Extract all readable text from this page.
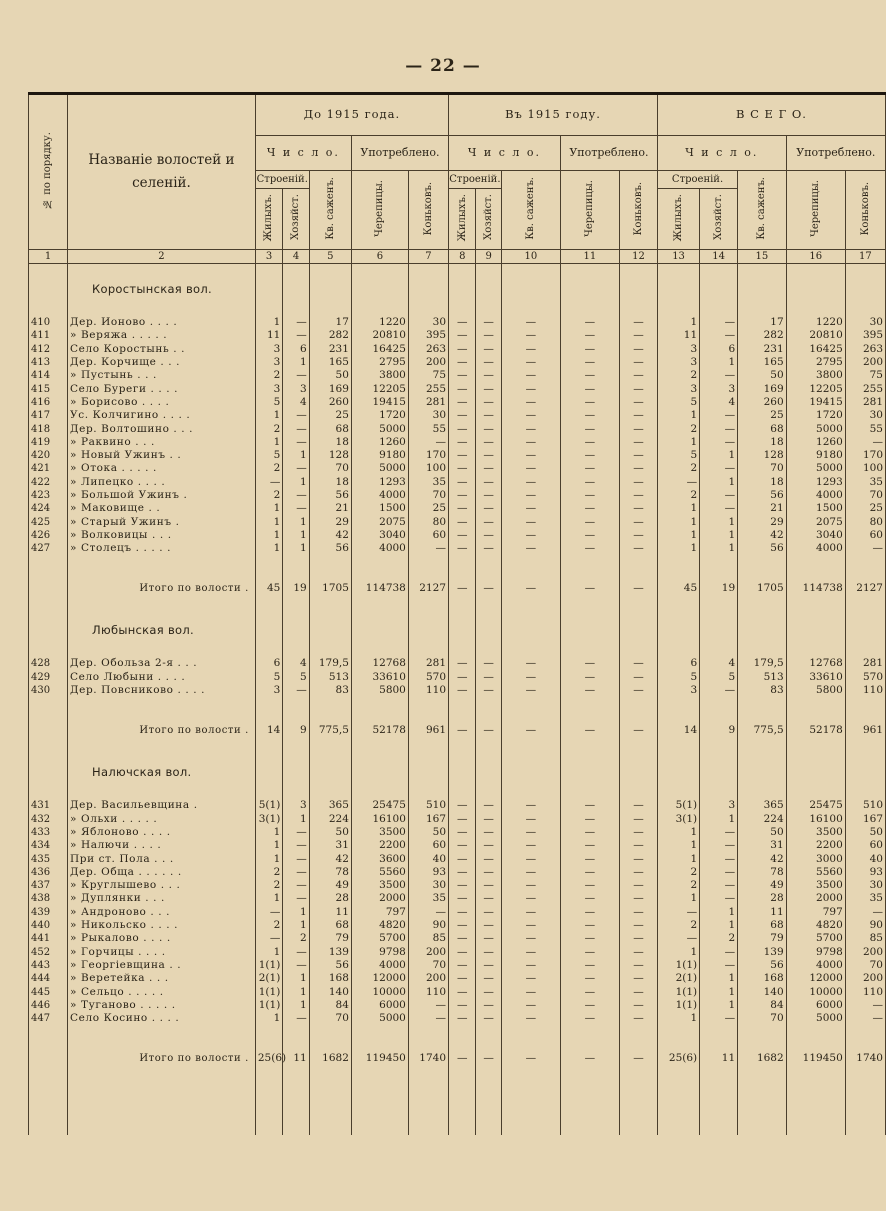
— 22 —
№ по порядку.	Названіе волостей и селеній.	До 1915 года.					Въ 1915 году.					В С Е Г О.				
		Ч и с л о.			Употреблено.		Ч и с л о.			Употреблено.		Ч и с л о.			Употреблено.	
		Строеній.		Кв. саженъ.	Черепицы.	Коньковъ.	Строеній.		Кв. саженъ.	Черепицы.	Коньковъ.	Строеній.		Кв. саженъ.	Черепицы.	Коньковъ.
		Жилыхъ.	Хозяйст.				Жилыхъ.	Хозяйст.				Жилыхъ.	Хозяйст.			
1	2	3	4	5	6	7	8	9	10	11	12	13	14	15	16	17
	Коростынская вол.															
410	Дер. Ионово . . . .	1	—	17	1220	30	—	—	—	—	—	1	—	17	1220	30
411	» Веряжа . . . . .	11	—	282	20810	395	—	—	—	—	—	11	—	282	20810	395
412	Село Коростынь . .	3	6	231	16425	263	—	—	—	—	—	3	6	231	16425	263
413	Дер. Корчище . . .	3	1	165	2795	200	—	—	—	—	—	3	1	165	2795	200
414	» Пустынь . . .	2	—	50	3800	75	—	—	—	—	—	2	—	50	3800	75
415	Село Буреги . . . .	3	3	169	12205	255	—	—	—	—	—	3	3	169	12205	255
416	» Борисово . . . .	5	4	260	19415	281	—	—	—	—	—	5	4	260	19415	281
417	Ус. Колчигино . . . .	1	—	25	1720	30	—	—	—	—	—	1	—	25	1720	30
418	Дер. Волтошино . . .	2	—	68	5000	55	—	—	—	—	—	2	—	68	5000	55
419	» Раквино . . .	1	—	18	1260	—	—	—	—	—	—	1	—	18	1260	—
420	» Новый Ужинъ . .	5	1	128	9180	170	—	—	—	—	—	5	1	128	9180	170
421	» Отока . . . . .	2	—	70	5000	100	—	—	—	—	—	2	—	70	5000	100
422	» Липецко . . . .	—	1	18	1293	35	—	—	—	—	—	—	1	18	1293	35
423	» Большой Ужинъ .	2	—	56	4000	70	—	—	—	—	—	2	—	56	4000	70
424	» Маковище . .	1	—	21	1500	25	—	—	—	—	—	1	—	21	1500	25
425	» Старый Ужинъ .	1	1	29	2075	80	—	—	—	—	—	1	1	29	2075	80
426	» Волковицы . . .	1	1	42	3040	60	—	—	—	—	—	1	1	42	3040	60
427	» Столецъ . . . . .	1	1	56	4000	—	—	—	—	—	—	1	1	56	4000	—

	Итого по волости .	45	19	1705	114738	2127	—	—	—	—	—	45	19	1705	114738	2127
	Любынская вол.															
428	Дер. Обольза 2-я . . .	6	4	179,5	12768	281	—	—	—	—	—	6	4	179,5	12768	281
429	Село Любыни . . . .	5	5	513	33610	570	—	—	—	—	—	5	5	513	33610	570
430	Дер. Повсниково . . . .	3	—	83	5800	110	—	—	—	—	—	3	—	83	5800	110

	Итого по волости .	14	9	775,5	52178	961	—	—	—	—	—	14	9	775,5	52178	961
	Налючская вол.															
431	Дер. Васильевщина .	5(1)	3	365	25475	510	—	—	—	—	—	5(1)	3	365	25475	510
432	» Ольхи . . . . .	3(1)	1	224	16100	167	—	—	—	—	—	3(1)	1	224	16100	167
433	» Яблоново . . . .	1	—	50	3500	50	—	—	—	—	—	1	—	50	3500	50
434	» Налючи . . . .	1	—	31	2200	60	—	—	—	—	—	1	—	31	2200	60
435	При ст. Пола . . .	1	—	42	3600	40	—	—	—	—	—	1	—	42	3000	40
436	Дер. Обща . . . . . .	2	—	78	5560	93	—	—	—	—	—	2	—	78	5560	93
437	» Круглышево . . .	2	—	49	3500	30	—	—	—	—	—	2	—	49	3500	30
438	» Дуплянки . . .	1	—	28	2000	35	—	—	—	—	—	1	—	28	2000	35
439	» Андроново . . .	—	1	11	797	—	—	—	—	—	—	—	1	11	797	—
440	» Никольско . . . .	2	1	68	4820	90	—	—	—	—	—	2	1	68	4820	90
441	» Рыкалово . . . .	—	2	79	5700	85	—	—	—	—	—	—	2	79	5700	85
452	» Горчицы . . . .	1	—	139	9798	200	—	—	—	—	—	1	—	139	9798	200
443	» Георгіевщина . .	1(1)	—	56	4000	70	—	—	—	—	—	1(1)	—	56	4000	70
444	» Веретейка . . .	2(1)	1	168	12000	200	—	—	—	—	—	2(1)	1	168	12000	200
445	» Сельцо . . . . .	1(1)	1	140	10000	110	—	—	—	—	—	1(1)	1	140	10000	110
446	» Туганово . . . . .	1(1)	1	84	6000	—	—	—	—	—	—	1(1)	1	84	6000	—
447	Село Косино . . . .	1	—	70	5000	—	—	—	—	—	—	1	—	70	5000	—

	Итого по волости .	25(6)	11	1682	119450	1740	—	—	—	—	—	25(6)	11	1682	119450	1740
